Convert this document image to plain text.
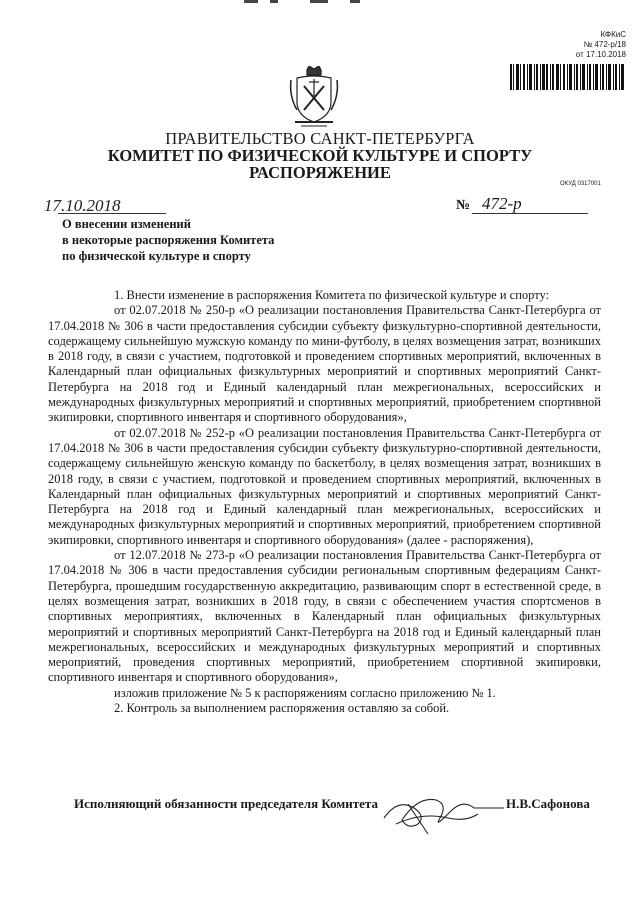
КФКиС
№ 472-р/18
от 17.10.2018
ПРАВИТЕЛЬСТВО САНКТ-ПЕТЕРБУРГА
КОМИТЕТ ПО ФИЗИЧЕСКОЙ КУЛЬТУРЕ И СПОРТУ
РАСПОРЯЖЕНИЕ
ОКУД 0317001
17.10.2018	№ 472-р
О внесении изменений
в некоторые распоряжения Комитета
по физической культуре и спорту

1. Внести изменение в распоряжения Комитета по физической культуре и спорту:

от 02.07.2018 № 250-р «О реализации постановления Правительства Санкт-Петербурга от 17.04.2018 № 306 в части предоставления субсидии субъекту физкультурно-спортивной деятельности, содержащему сильнейшую мужскую команду по мини-футболу, в целях возмещения затрат, возникших в 2018 году, в связи с участием, подготовкой и проведением спортивных мероприятий, включенных в Календарный план официальных физкультурных мероприятий и спортивных мероприятий Санкт-Петербурга на 2018 год и Единый календарный план межрегиональных, всероссийских и международных физкультурных мероприятий и спортивных мероприятий, приобретением спортивной экипировки, спортивного инвентаря и спортивного оборудования»,

от 02.07.2018 № 252-р «О реализации постановления Правительства Санкт-Петербурга от 17.04.2018 № 306 в части предоставления субсидии субъекту физкультурно-спортивной деятельности, содержащему сильнейшую женскую команду по баскетболу, в целях возмещения затрат, возникших в 2018 году, в связи с участием, подготовкой и проведением спортивных мероприятий, включенных в Календарный план официальных физкультурных мероприятий и спортивных мероприятий Санкт-Петербурга на 2018 год и Единый календарный план межрегиональных, всероссийских и международных физкультурных мероприятий и спортивных мероприятий, приобретением спортивной экипировки, спортивного инвентаря и спортивного оборудования» (далее - распоряжения),

от 12.07.2018 № 273-р «О реализации постановления Правительства Санкт-Петербурга от 17.04.2018 № 306 в части предоставления субсидии региональным спортивным федерациям Санкт-Петербурга, прошедшим государственную аккредитацию, развивающим спорт в естественной среде, в целях возмещения затрат, возникших в 2018 году, в связи с обеспечением участия спортсменов в спортивных мероприятиях, включенных в Календарный план официальных физкультурных мероприятий и спортивных мероприятий Санкт-Петербурга на 2018 год и Единый календарный план межрегиональных, всероссийских и международных физкультурных мероприятий и спортивных мероприятий, проведения спортивных мероприятий, приобретением спортивной экипировки, спортивного инвентаря и спортивного оборудования»,

изложив приложение № 5 к распоряжениям согласно приложению № 1.

2. Контроль за выполнением распоряжения оставляю за собой.

Исполняющий обязанности председателя Комитета	Н.В.Сафонова
